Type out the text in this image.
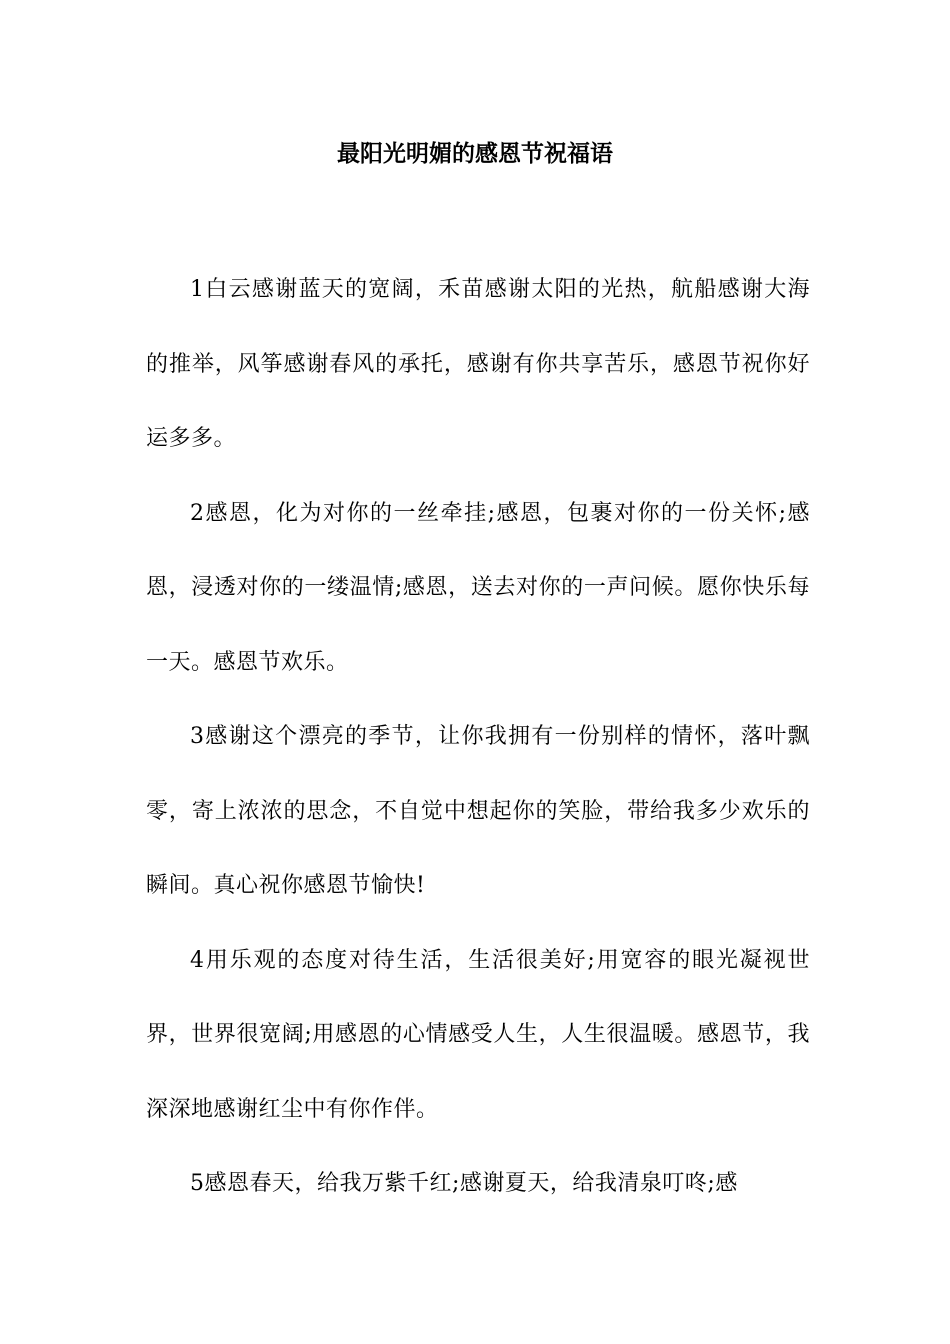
最阳光明媚的感恩节祝福语

1白云感谢蓝天的宽阔，禾苗感谢太阳的光热，航船感谢大海的推举，风筝感谢春风的承托，感谢有你共享苦乐，感恩节祝你好运多多。

2感恩，化为对你的一丝牵挂;感恩，包裹对你的一份关怀;感恩，浸透对你的一缕温情;感恩，送去对你的一声问候。愿你快乐每一天。感恩节欢乐。

3感谢这个漂亮的季节，让你我拥有一份别样的情怀，落叶飘零，寄上浓浓的思念，不自觉中想起你的笑脸，带给我多少欢乐的瞬间。真心祝你感恩节愉快!

4用乐观的态度对待生活，生活很美好;用宽容的眼光凝视世界，世界很宽阔;用感恩的心情感受人生，人生很温暖。感恩节，我深深地感谢红尘中有你作伴。

5感恩春天，给我万紫千红;感谢夏天，给我清泉叮咚;感
